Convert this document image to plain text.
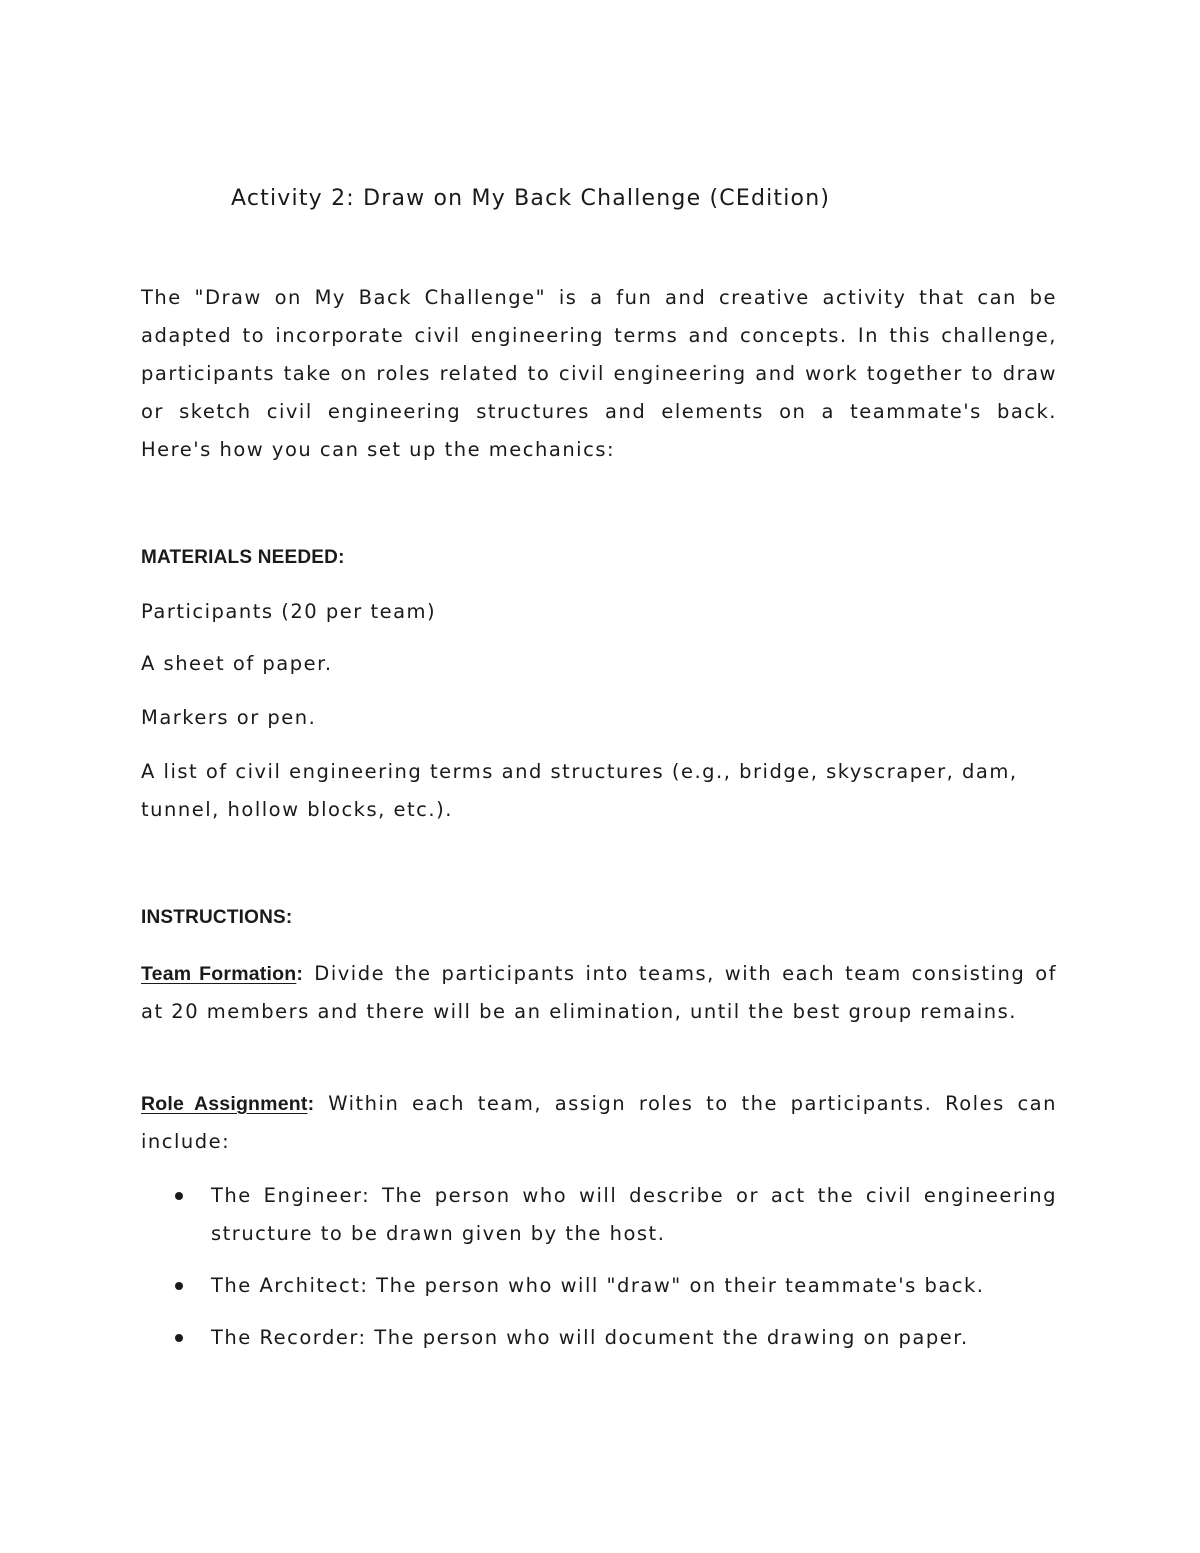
Activity 2: Draw on My Back Challenge (CEdition)
The "Draw on My Back Challenge" is a fun and creative activity that can be adapted to incorporate civil engineering terms and concepts. In this challenge, participants take on roles related to civil engineering and work together to draw or sketch civil engineering structures and elements on a teammate's back. Here's how you can set up the mechanics:
MATERIALS NEEDED:
Participants (20 per team)
A sheet of paper.
Markers or pen.
A list of civil engineering terms and structures (e.g., bridge, skyscraper, dam, tunnel, hollow blocks, etc.).
INSTRUCTIONS:
Team Formation: Divide the participants into teams, with each team consisting of at 20 members and there will be an elimination, until the best group remains.
Role Assignment: Within each team, assign roles to the participants. Roles can include:
The Engineer: The person who will describe or act the civil engineering structure to be drawn given by the host.
The Architect: The person who will "draw" on their teammate's back.
The Recorder: The person who will document the drawing on paper.
